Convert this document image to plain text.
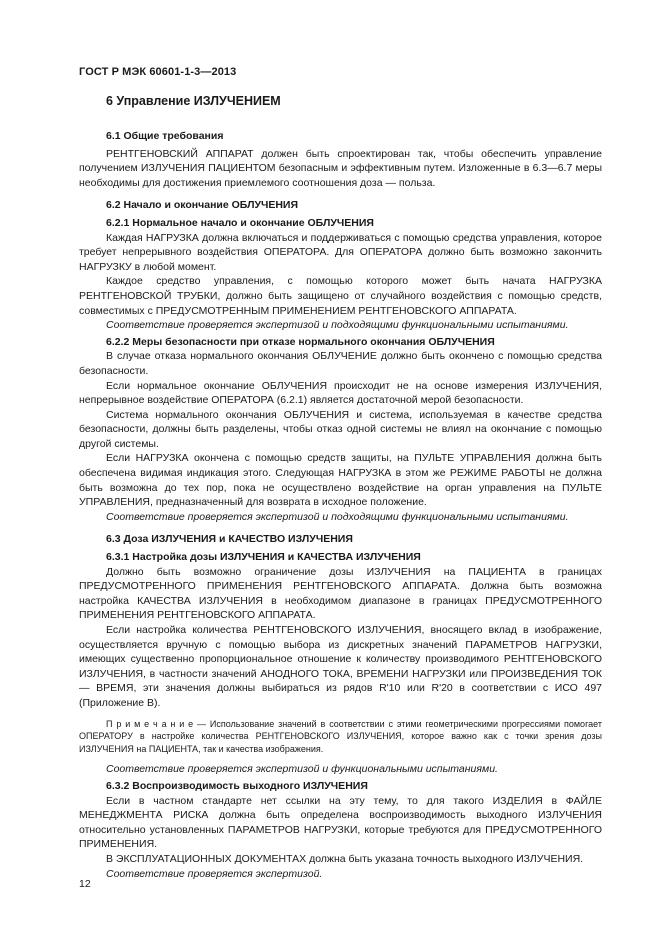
ГОСТ Р МЭК 60601-1-3—2013
6 Управление ИЗЛУЧЕНИЕМ

6.1 Общие требования

РЕНТГЕНОВСКИЙ АППАРАТ должен быть спроектирован так, чтобы обеспечить управление получением ИЗЛУЧЕНИЯ ПАЦИЕНТОМ безопасным и эффективным путем. Изложенные в 6.3—6.7 меры необходимы для достижения приемлемого соотношения доза — польза.

6.2 Начало и окончание ОБЛУЧЕНИЯ

6.2.1 Нормальное начало и окончание ОБЛУЧЕНИЯ

Каждая НАГРУЗКА должна включаться и поддерживаться с помощью средства управления, которое требует непрерывного воздействия ОПЕРАТОРА. Для ОПЕРАТОРА должно быть возможно закончить НАГРУЗКУ в любой момент.

Каждое средство управления, с помощью которого может быть начата НАГРУЗКА РЕНТГЕНОВСКОЙ ТРУБКИ, должно быть защищено от случайного воздействия с помощью средств, совместимых с ПРЕДУСМОТРЕННЫМ ПРИМЕНЕНИЕМ РЕНТГЕНОВСКОГО АППАРАТА.

Соответствие проверяется экспертизой и подходящими функциональными испытаниями.

6.2.2 Меры безопасности при отказе нормального окончания ОБЛУЧЕНИЯ

В случае отказа нормального окончания ОБЛУЧЕНИЕ должно быть окончено с помощью средства безопасности.

Если нормальное окончание ОБЛУЧЕНИЯ происходит не на основе измерения ИЗЛУЧЕНИЯ, непрерывное воздействие ОПЕРАТОРА (6.2.1) является достаточной мерой безопасности.

Система нормального окончания ОБЛУЧЕНИЯ и система, используемая в качестве средства безопасности, должны быть разделены, чтобы отказ одной системы не влиял на окончание с помощью другой системы.

Если НАГРУЗКА окончена с помощью средств защиты, на ПУЛЬТЕ УПРАВЛЕНИЯ должна быть обеспечена видимая индикация этого. Следующая НАГРУЗКА в этом же РЕЖИМЕ РАБОТЫ не должна быть возможна до тех пор, пока не осуществлено воздействие на орган управления на ПУЛЬТЕ УПРАВЛЕНИЯ, предназначенный для возврата в исходное положение.

Соответствие проверяется экспертизой и подходящими функциональными испытаниями.

6.3 Доза ИЗЛУЧЕНИЯ и КАЧЕСТВО ИЗЛУЧЕНИЯ

6.3.1 Настройка дозы ИЗЛУЧЕНИЯ и КАЧЕСТВА ИЗЛУЧЕНИЯ

Должно быть возможно ограничение дозы ИЗЛУЧЕНИЯ на ПАЦИЕНТА в границах ПРЕДУСМОТРЕННОГО ПРИМЕНЕНИЯ РЕНТГЕНОВСКОГО АППАРАТА. Должна быть возможна настройка КАЧЕСТВА ИЗЛУЧЕНИЯ в необходимом диапазоне в границах ПРЕДУСМОТРЕННОГО ПРИМЕНЕНИЯ РЕНТГЕНОВСКОГО АППАРАТА.

Если настройка количества РЕНТГЕНОВСКОГО ИЗЛУЧЕНИЯ, вносящего вклад в изображение, осуществляется вручную с помощью выбора из дискретных значений ПАРАМЕТРОВ НАГРУЗКИ, имеющих существенно пропорциональное отношение к количеству производимого РЕНТГЕНОВСКОГО ИЗЛУЧЕНИЯ, в частности значений АНОДНОГО ТОКА, ВРЕМЕНИ НАГРУЗКИ или ПРОИЗВЕДЕНИЯ ТОК — ВРЕМЯ, эти значения должны выбираться из рядов R'10 или R'20 в соответствии с ИСО 497 (Приложение В).

П р и м е ч а н и е — Использование значений в соответствии с этими геометрическими прогрессиями помогает ОПЕРАТОРУ в настройке количества РЕНТГЕНОВСКОГО ИЗЛУЧЕНИЯ, которое важно как с точки зрения дозы ИЗЛУЧЕНИЯ на ПАЦИЕНТА, так и качества изображения.

Соответствие проверяется экспертизой и функциональными испытаниями.

6.3.2 Воспроизводимость выходного ИЗЛУЧЕНИЯ

Если в частном стандарте нет ссылки на эту тему, то для такого ИЗДЕЛИЯ в ФАЙЛЕ МЕНЕДЖМЕНТА РИСКА должна быть определена воспроизводимость выходного ИЗЛУЧЕНИЯ относительно установленных ПАРАМЕТРОВ НАГРУЗКИ, которые требуются для ПРЕДУСМОТРЕННОГО ПРИМЕНЕНИЯ.

В ЭКСПЛУАТАЦИОННЫХ ДОКУМЕНТАХ должна быть указана точность выходного ИЗЛУЧЕНИЯ.

Соответствие проверяется экспертизой.

12
